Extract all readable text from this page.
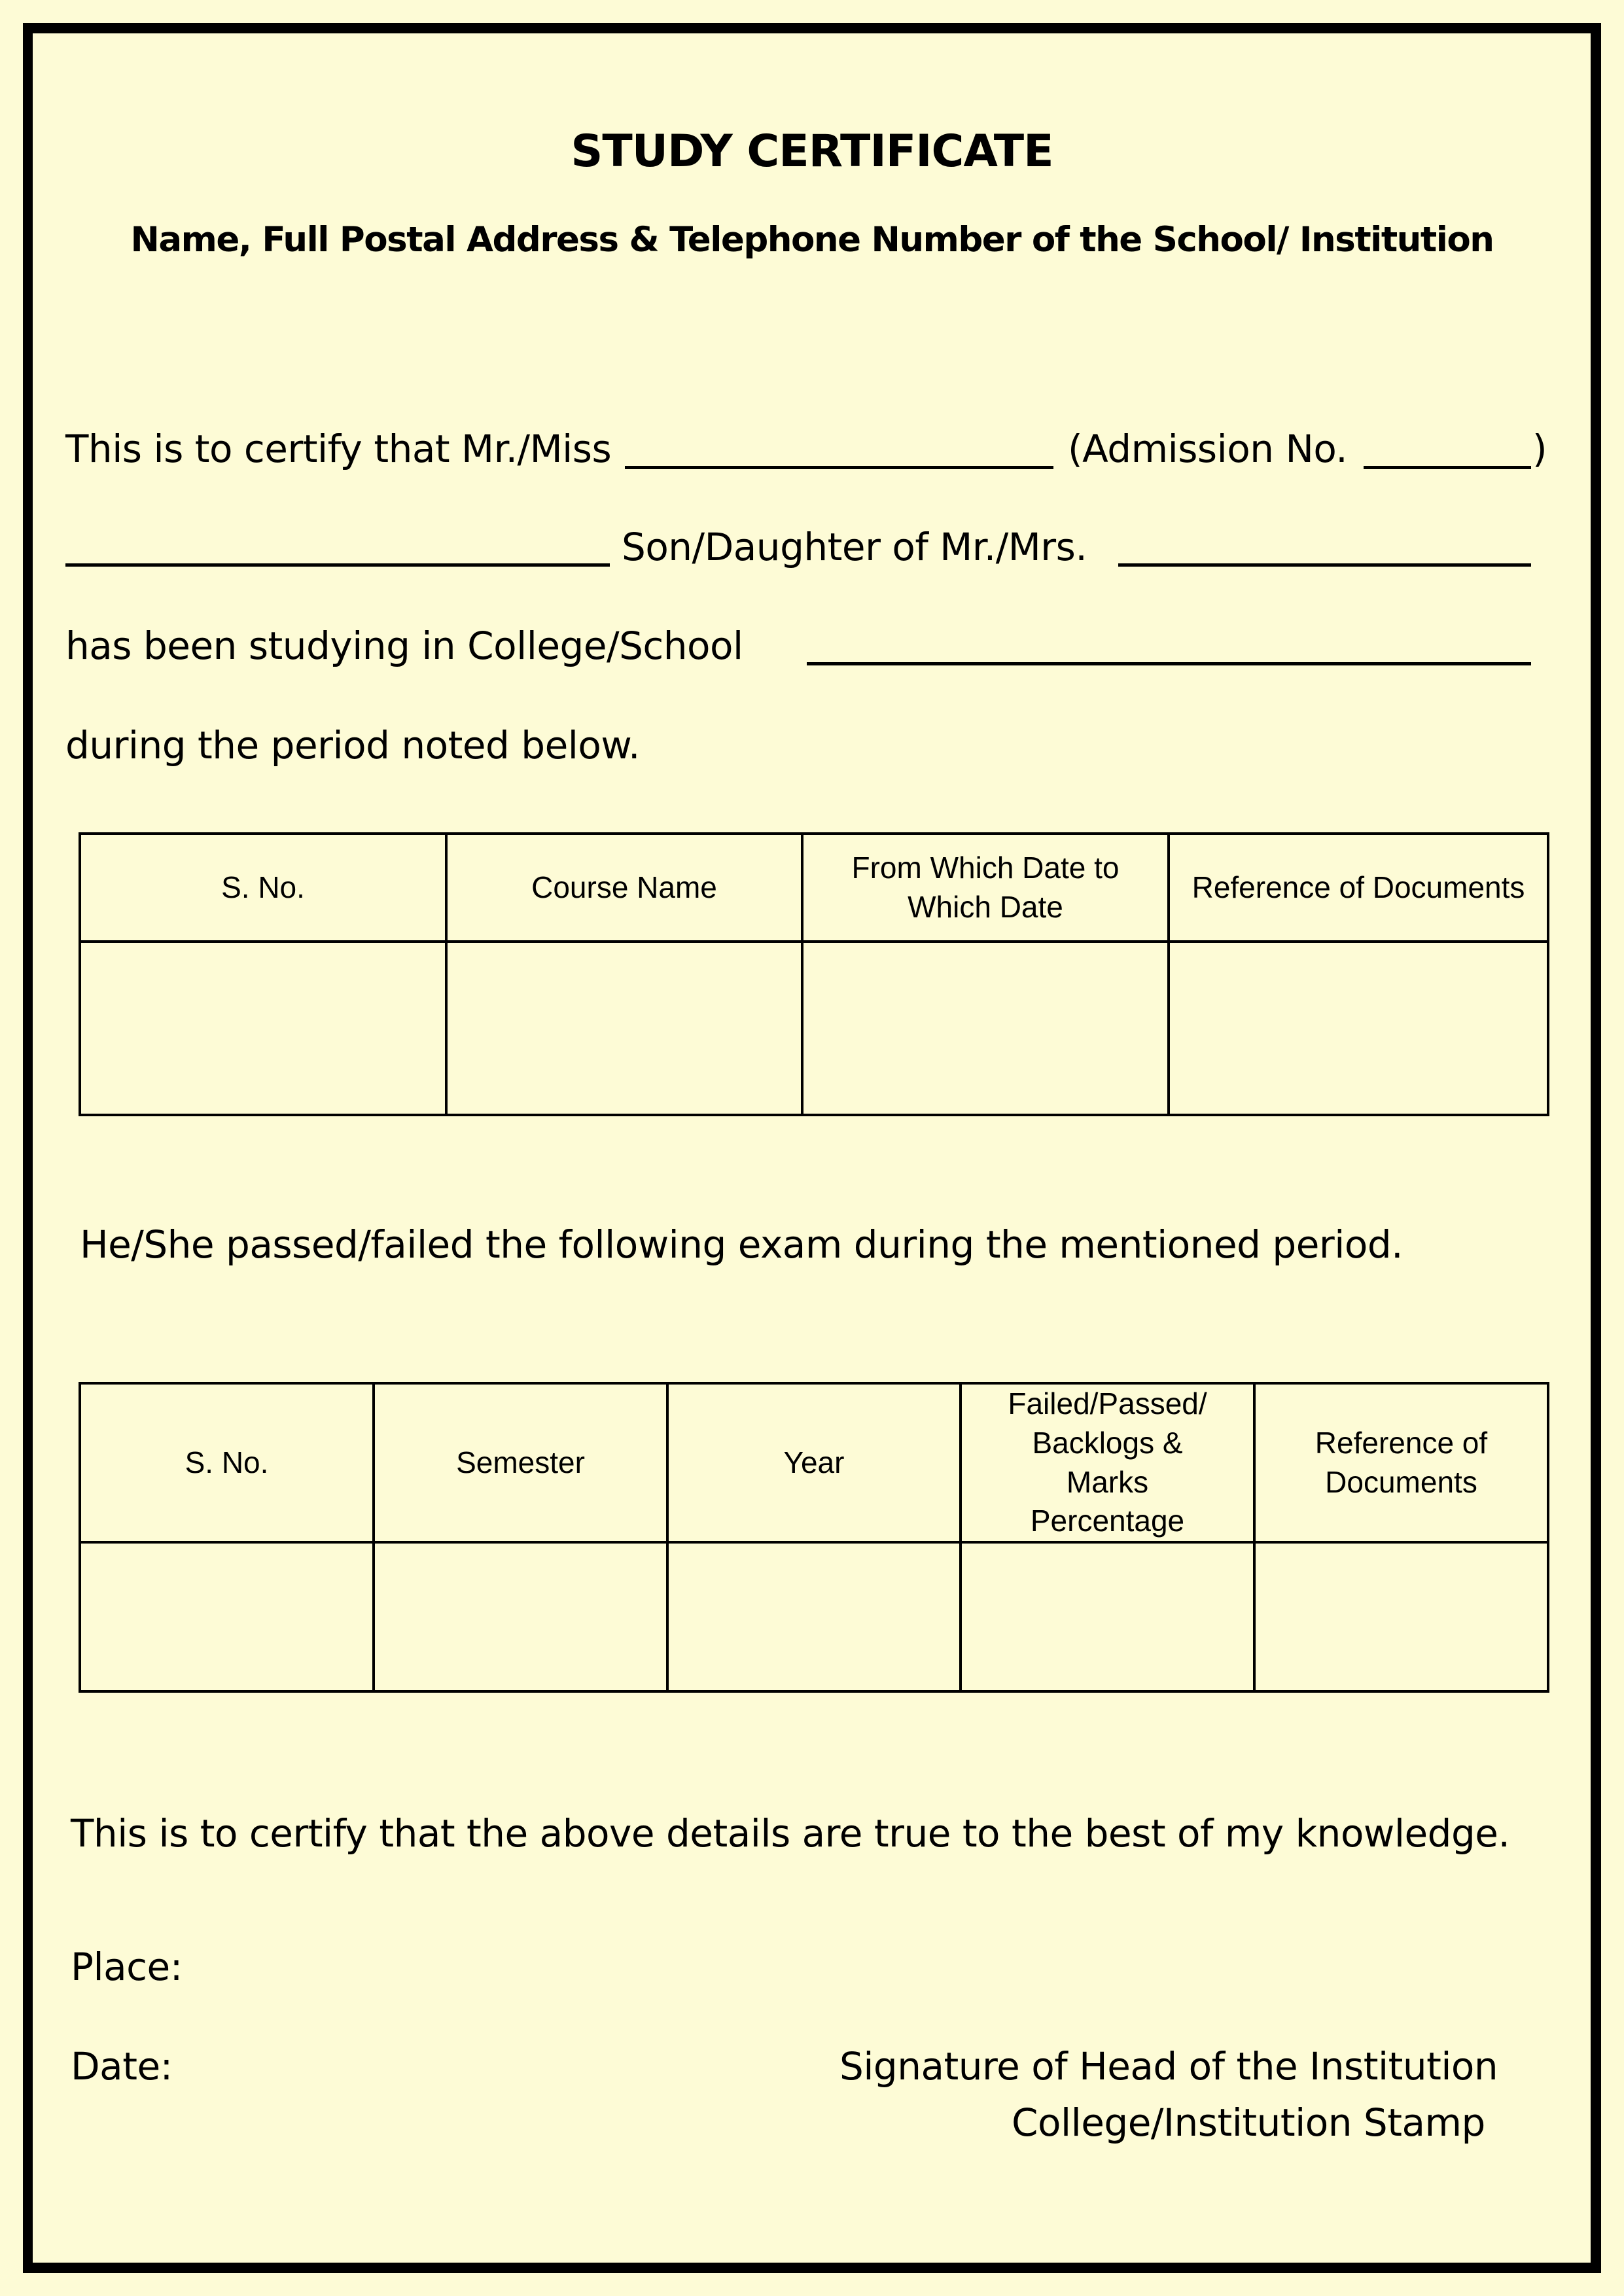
STUDY CERTIFICATE
Name, Full Postal Address & Telephone Number of the School/ Institution
This is to certify that Mr./Miss	(Admission No.	)
Son/Daughter of Mr./Mrs.
has been studying in College/School
during the period noted below.
S. No.	Course Name	From Which Date to Which Date	Reference of Documents

He/She passed/failed the following exam during the mentioned period.
S. No.	Semester	Year	Failed/Passed/ Backlogs & Marks Percentage	Reference of Documents

This is to certify that the above details are true to the best of my knowledge.
Place:
Date:	Signature of Head of the Institution
College/Institution Stamp
